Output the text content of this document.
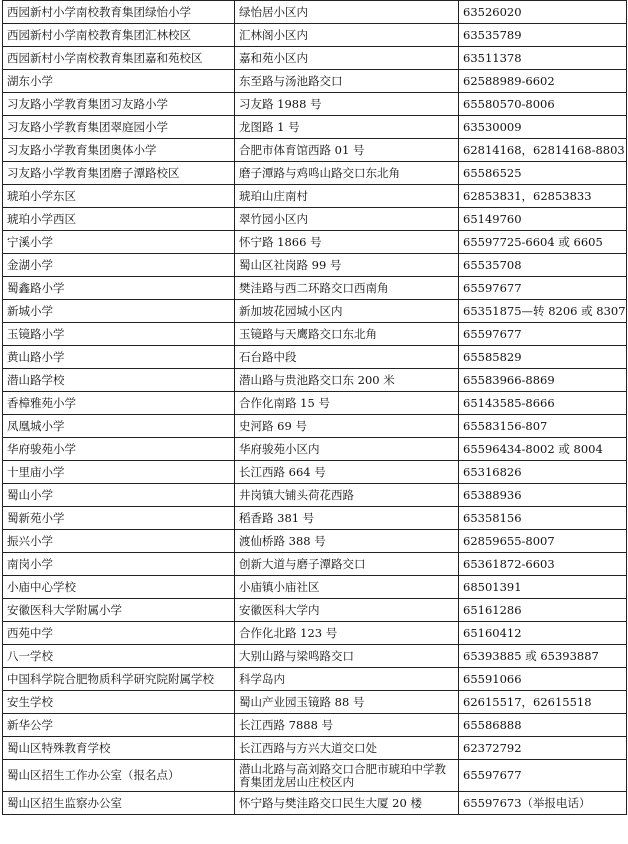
西园新村小学南校教育集团绿怡小学	绿怡居小区内	63526020
西园新村小学南校教育集团汇林校区	汇林阁小区内	63535789
西园新村小学南校教育集团嘉和苑校区	嘉和苑小区内	63511378
湖东小学	东至路与汤池路交口	62588989-6602
习友路小学教育集团习友路小学	习友路 1988 号	65580570-8006
习友路小学教育集团翠庭园小学	龙图路 1 号	63530009
习友路小学教育集团奥体小学	合肥市体育馆西路 01 号	62814168，62814168-8803
习友路小学教育集团磨子潭路校区	磨子潭路与鸡鸣山路交口东北角	65586525
琥珀小学东区	琥珀山庄南村	62853831，62853833
琥珀小学西区	翠竹园小区内	65149760
宁溪小学	怀宁路 1866 号	65597725-6604 或 6605
金湖小学	蜀山区社岗路 99 号	65535708
蜀鑫路小学	樊洼路与西二环路交口西南角	65597677
新城小学	新加坡花园城小区内	65351875—转 8206 或 8307
玉镜路小学	玉镜路与天鹰路交口东北角	65597677
黄山路小学	石台路中段	65585829
潜山路学校	潜山路与贵池路交口东 200 米	65583966-8869
香樟雅苑小学	合作化南路 15 号	65143585-8666
凤凰城小学	史河路 69 号	65583156-807
华府骏苑小学	华府骏苑小区内	65596434-8002 或 8004
十里庙小学	长江西路 664 号	65316826
蜀山小学	井岗镇大铺头荷花西路	65388936
蜀新苑小学	稻香路 381 号	65358156
振兴小学	渡仙桥路 388 号	62859655-8007
南岗小学	创新大道与磨子潭路交口	65361872-6603
小庙中心学校	小庙镇小庙社区	68501391
安徽医科大学附属小学	安徽医科大学内	65161286
西苑中学	合作化北路 123 号	65160412
八一学校	大别山路与梁鸣路交口	65393885 或 65393887
中国科学院合肥物质科学研究院附属学校	科学岛内	65591066
安生学校	蜀山产业园玉镜路 88 号	62615517，62615518
新华公学	长江西路 7888 号	65586888
蜀山区特殊教育学校	长江西路与方兴大道交口处	62372792
蜀山区招生工作办公室（报名点）	潜山北路与高刘路交口合肥市琥珀中学教育集团龙居山庄校区内	65597677
蜀山区招生监察办公室	怀宁路与樊洼路交口民生大厦 20 楼	65597673（举报电话）
